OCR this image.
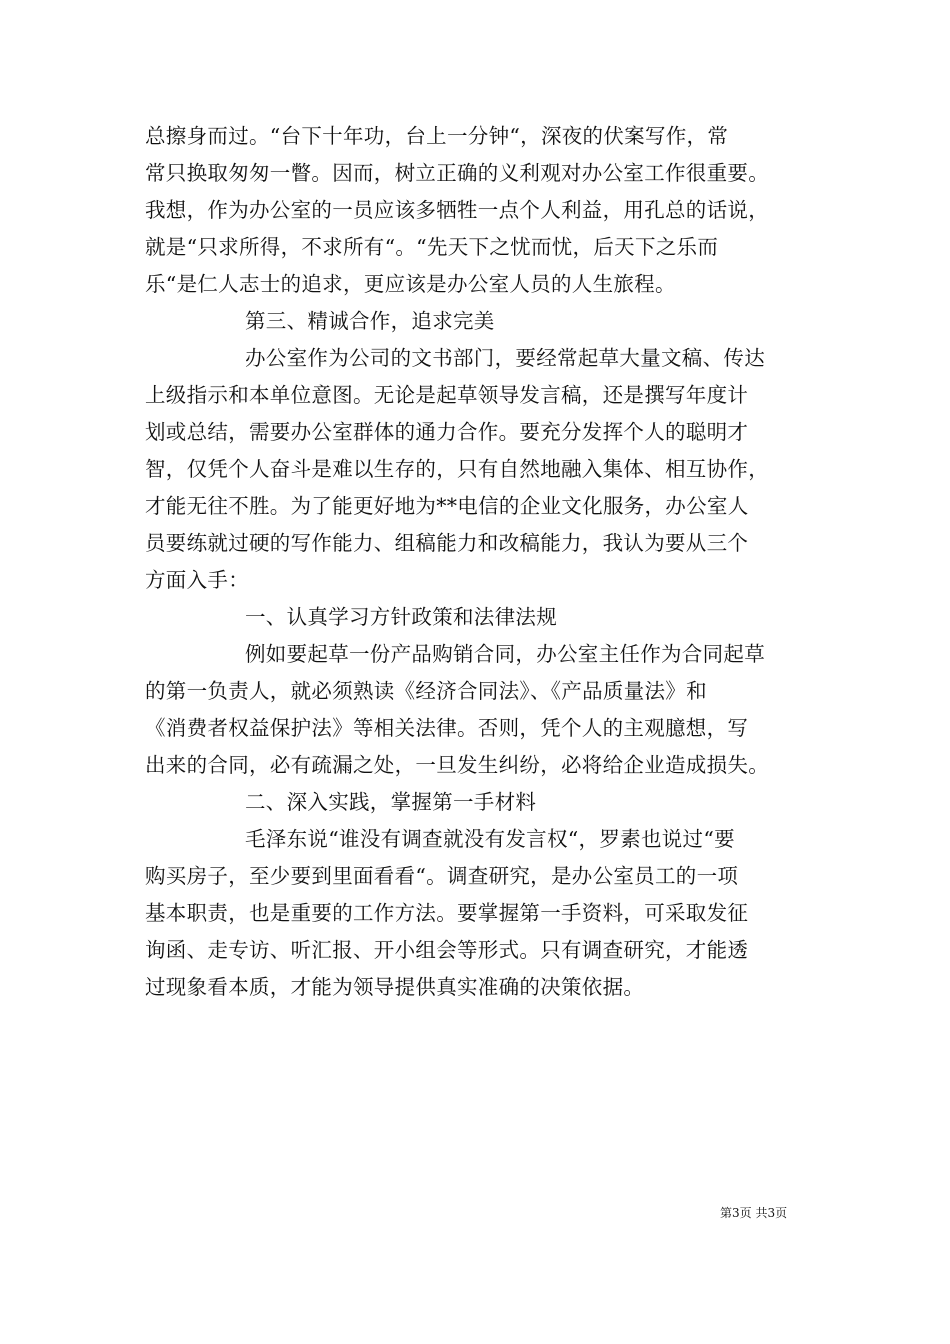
总擦身而过。“台下十年功，台上一分钟“，深夜的伏案写作，常
常只换取匆匆一瞥。因而，树立正确的义利观对办公室工作很重要。
我想，作为办公室的一员应该多牺牲一点个人利益，用孔总的话说，
就是“只求所得，不求所有“。“先天下之忧而忧，后天下之乐而
乐“是仁人志士的追求，更应该是办公室人员的人生旅程。
第三、精诚合作，追求完美
办公室作为公司的文书部门，要经常起草大量文稿、传达
上级指示和本单位意图。无论是起草领导发言稿，还是撰写年度计
划或总结，需要办公室群体的通力合作。要充分发挥个人的聪明才
智，仅凭个人奋斗是难以生存的，只有自然地融入集体、相互协作，
才能无往不胜。为了能更好地为**电信的企业文化服务，办公室人
员要练就过硬的写作能力、组稿能力和改稿能力，我认为要从三个
方面入手：
一、认真学习方针政策和法律法规
例如要起草一份产品购销合同，办公室主任作为合同起草
的第一负责人，就必须熟读《经济合同法》、《产品质量法》和
《消费者权益保护法》等相关法律。否则，凭个人的主观臆想，写
出来的合同，必有疏漏之处，一旦发生纠纷，必将给企业造成损失。
二、深入实践，掌握第一手材料
毛泽东说“谁没有调查就没有发言权“，罗素也说过“要
购买房子，至少要到里面看看“。调查研究，是办公室员工的一项
基本职责，也是重要的工作方法。要掌握第一手资料，可采取发征
询函、走专访、听汇报、开小组会等形式。只有调查研究，才能透
过现象看本质，才能为领导提供真实准确的决策依据。
第3页 共3页
